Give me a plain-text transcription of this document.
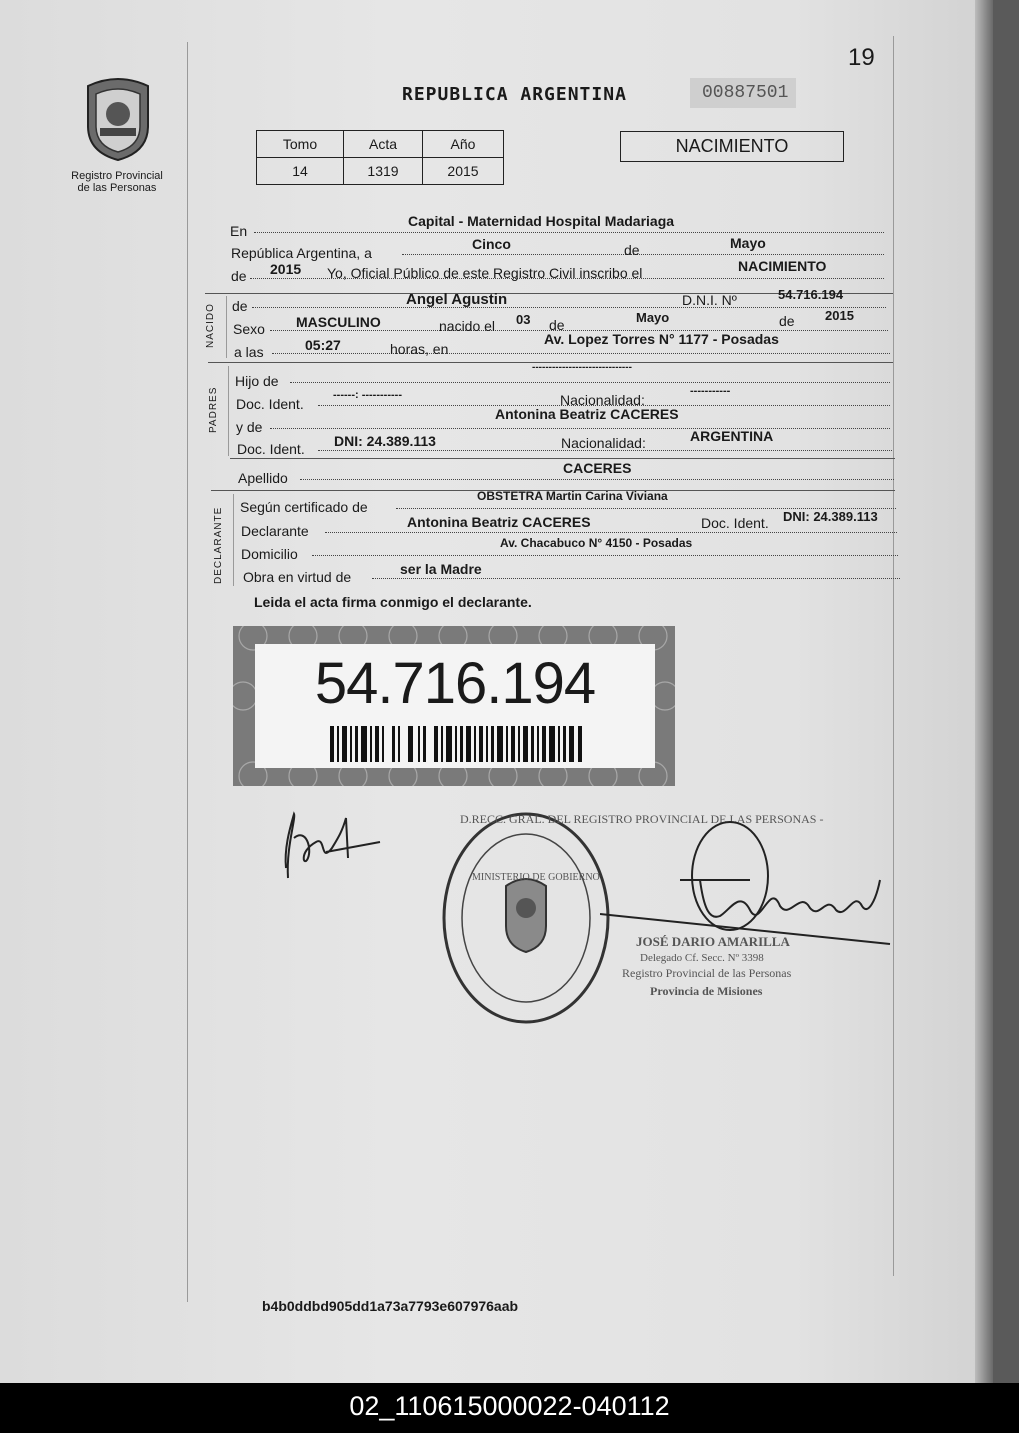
19
Registro Provincial
de las Personas
REPUBLICA ARGENTINA	00887501
Tomo	Acta	Año
14	1319	2015
NACIMIENTO
En
Capital - Maternidad Hospital Madariaga
República Argentina, a
Cinco	de	Mayo
de 2015 Yo, Oficial Público de este Registro Civil inscribo el	NACIMIENTO
NACIDO de	Angel Agustin	D.N.I. Nº	54.716.194
Sexo MASCULINO	nacido el 03 de	Mayo	de 2015
a las	05:27	horas, en
Av. Lopez Torres N° 1177 - Posadas
PADRES
Hijo de
------------------------------
Doc. Ident.
------: -----------	Nacionalidad:
-----------
y de
Antonina Beatriz CACERES
Doc. Ident. DNI: 24.389.113	Nacionalidad:	ARGENTINA
Apellido
CACERES
DECLARANTE Según certificado de
OBSTETRA Martin Carina Viviana
Declarante
Antonina Beatriz CACERES	Doc. Ident. DNI: 24.389.113
Domicilio
Av. Chacabuco N° 4150 - Posadas
Obra en virtud de	ser la Madre
Leida el acta firma conmigo el declarante.
54.716.194
D.RECC. GRAL. DEL REGISTRO PROVINCIAL DE LAS PERSONAS -
MINISTERIO DE GOBIERNO
JOSÉ DARIO AMARILLA
Delegado Cf. Secc. Nº 3398
Registro Provincial de las Personas
Provincia de Misiones
b4b0ddbd905dd1a73a7793e607976aab
02_110615000022-040112
